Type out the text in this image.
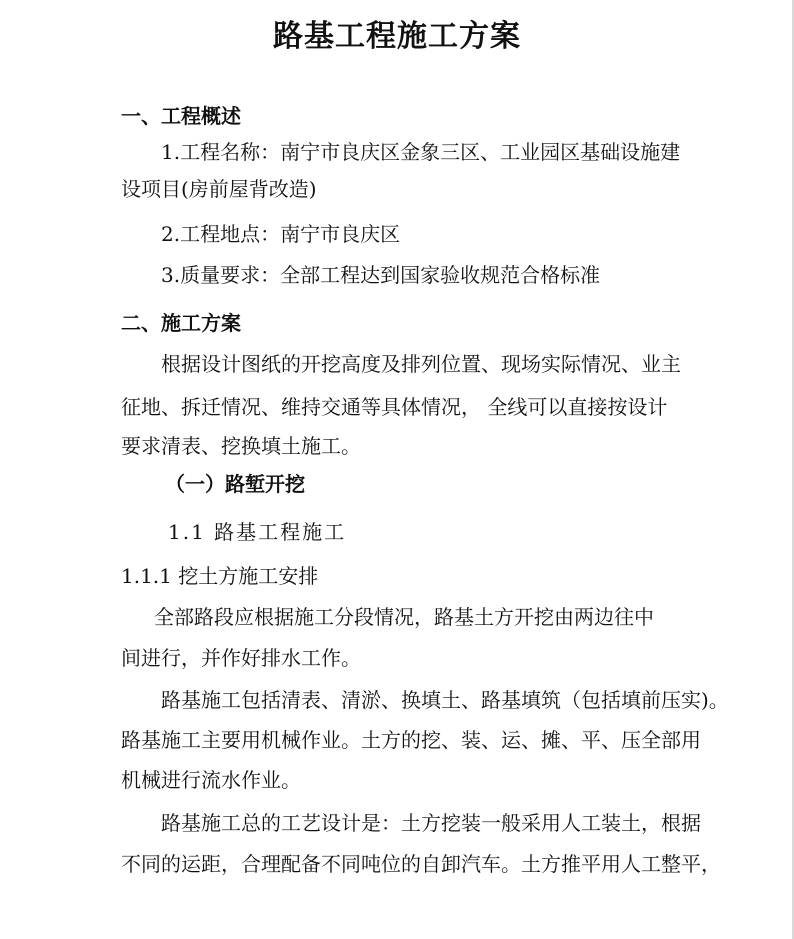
路基工程施工方案
一、工程概述
1.工程名称：南宁市良庆区金象三区、工业园区基础设施建
设项目(房前屋背改造)
2.工程地点：南宁市良庆区
3.质量要求：全部工程达到国家验收规范合格标准
二、施工方案
根据设计图纸的开挖高度及排列位置、现场实际情况、业主
征地、拆迁情况、维持交通等具体情况， 全线可以直接按设计
要求清表、挖换填土施工。
（一）路堑开挖
1.1 路基工程施工
1.1.1 挖土方施工安排
全部路段应根据施工分段情况，路基土方开挖由两边往中
间进行，并作好排水工作。
路基施工包括清表、清淤、换填土、路基填筑（包括填前压实)。
路基施工主要用机械作业。土方的挖、装、运、摊、平、压全部用
机械进行流水作业。
路基施工总的工艺设计是：土方挖装一般采用人工装土，根据
不同的运距，合理配备不同吨位的自卸汽车。土方推平用人工整平，
